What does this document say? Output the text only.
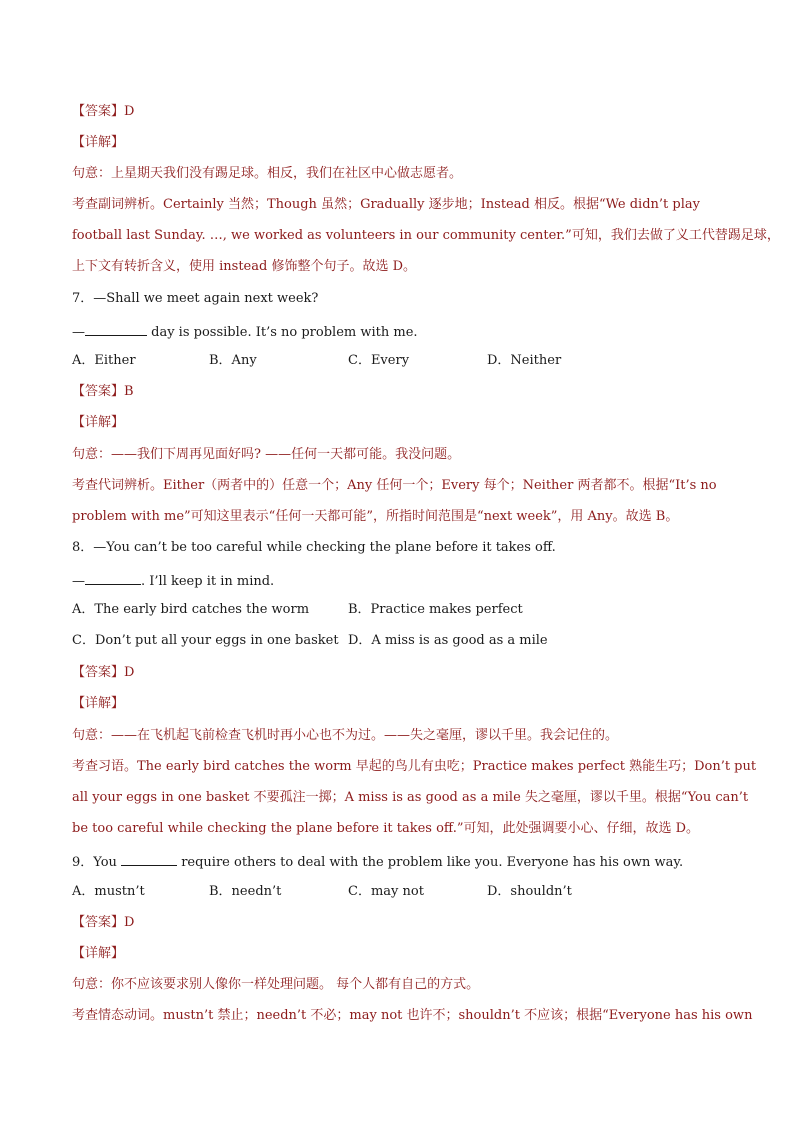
【答案】D
【详解】
句意：上星期天我们没有踢足球。相反，我们在社区中心做志愿者。
考查副词辨析。Certainly 当然；Though 虽然；Gradually 逐步地；Instead 相反。根据“We didn’t play
football last Sunday. …, we worked as volunteers in our community center.”可知，我们去做了义工代替踢足球，
上下文有转折含义，使用 instead 修饰整个句子。故选 D。
7．—Shall we meet again next week?
—	day is possible. It’s no problem with me.
A．Either	B．Any	C．Every	D．Neither
【答案】B
【详解】
句意：——我们下周再见面好吗? ——任何一天都可能。我没问题。
考查代词辨析。Either（两者中的）任意一个；Any 任何一个；Every 每个；Neither 两者都不。根据“It’s no
problem with me”可知这里表示“任何一天都可能”，所指时间范围是“next week”，用 Any。故选 B。
8．—You can’t be too careful while checking the plane before it takes off.
—	. I’ll keep it in mind.
A．The early bird catches the worm	B．Practice makes perfect
C．Don’t put all your eggs in one basket D．A miss is as good as a mile
【答案】D
【详解】
句意：——在飞机起飞前检查飞机时再小心也不为过。——失之毫厘，谬以千里。我会记住的。
考查习语。The early bird catches the worm 早起的鸟儿有虫吃；Practice makes perfect 熟能生巧；Don’t put
all your eggs in one basket 不要孤注一掷；A miss is as good as a mile 失之毫厘，谬以千里。根据“You can’t
be too careful while checking the plane before it takes off.”可知，此处强调要小心、仔细，故选 D。
9．You	require others to deal with the problem like you. Everyone has his own way.
A．mustn’t	B．needn’t	C．may not	D．shouldn’t
【答案】D
【详解】
句意：你不应该要求别人像你一样处理问题。 每个人都有自己的方式。
考查情态动词。mustn’t 禁止；needn’t 不必；may not 也许不；shouldn’t 不应该；根据“Everyone has his own
